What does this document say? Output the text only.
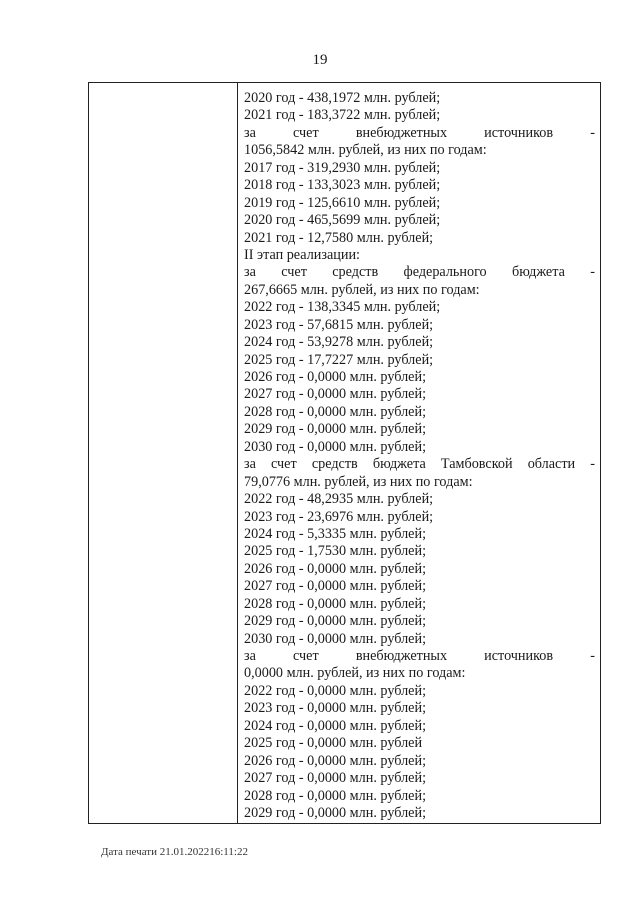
19
2020 год - 438,1972 млн. рублей;
2021 год - 183,3722 млн. рублей;
за	счет	внебюджетных	источников	-
1056,5842 млн. рублей, из них по годам:
2017 год - 319,2930 млн. рублей;
2018 год - 133,3023 млн. рублей;
2019 год - 125,6610 млн. рублей;
2020 год - 465,5699 млн. рублей;
2021 год - 12,7580 млн. рублей;
II этап реализации:
за счет средств федерального бюджета -
267,6665 млн. рублей, из них по годам:
2022 год - 138,3345 млн. рублей;
2023 год - 57,6815 млн. рублей;
2024 год - 53,9278 млн. рублей;
2025 год - 17,7227 млн. рублей;
2026 год - 0,0000 млн. рублей;
2027 год - 0,0000 млн. рублей;
2028 год - 0,0000 млн. рублей;
2029 год - 0,0000 млн. рублей;
2030 год - 0,0000 млн. рублей;
за счет средств бюджета Тамбовской области -
79,0776 млн. рублей, из них по годам:
2022 год - 48,2935 млн. рублей;
2023 год - 23,6976 млн. рублей;
2024 год - 5,3335 млн. рублей;
2025 год - 1,7530 млн. рублей;
2026 год - 0,0000 млн. рублей;
2027 год - 0,0000 млн. рублей;
2028 год - 0,0000 млн. рублей;
2029 год - 0,0000 млн. рублей;
2030 год - 0,0000 млн. рублей;
за	счет	внебюджетных	источников	-
0,0000 млн. рублей, из них по годам:
2022 год - 0,0000 млн. рублей;
2023 год - 0,0000 млн. рублей;
2024 год - 0,0000 млн. рублей;
2025 год - 0,0000 млн. рублей
2026 год - 0,0000 млн. рублей;
2027 год - 0,0000 млн. рублей;
2028 год - 0,0000 млн. рублей;
2029 год - 0,0000 млн. рублей;
Дата печати 21.01.202216:11:22
